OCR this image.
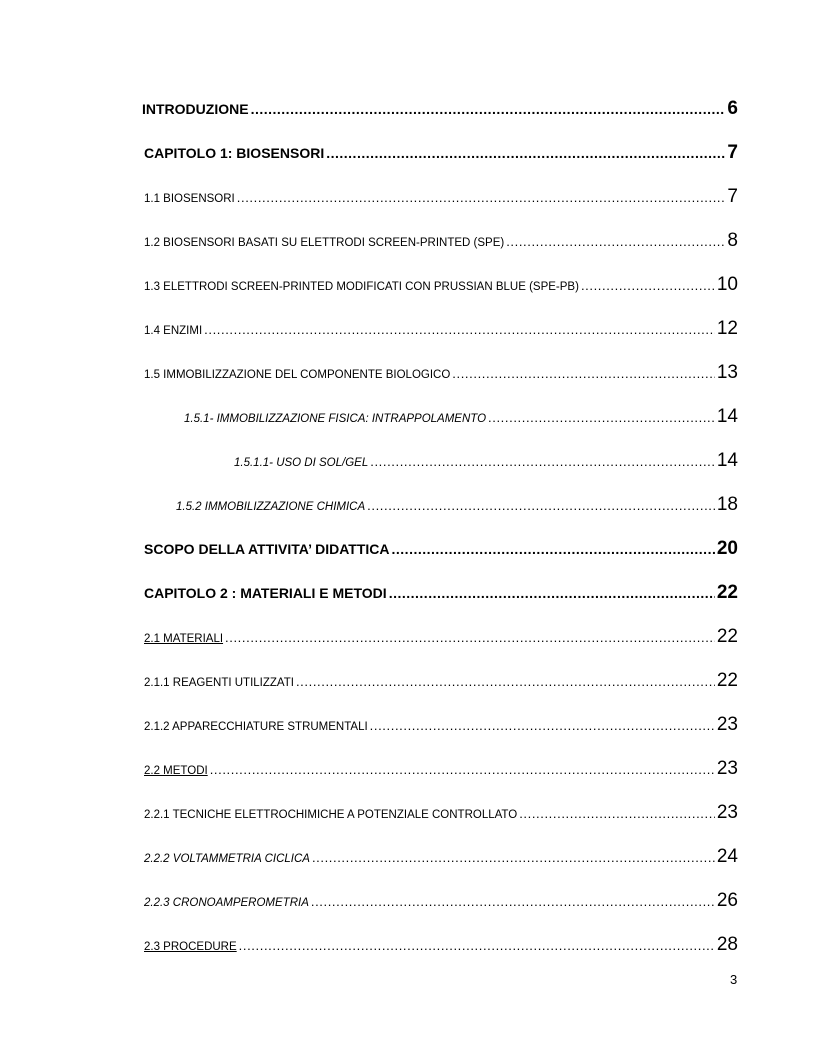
INTRODUZIONE .....	6
CAPITOLO 1: BIOSENSORI .....	7
1.1 BIOSENSORI .....	7
1.2 BIOSENSORI BASATI SU ELETTRODI SCREEN-PRINTED (SPE) .....	8
1.3 ELETTRODI SCREEN-PRINTED MODIFICATI CON PRUSSIAN BLUE (SPE-PB) .....	10
1.4 ENZIMI .....	12
1.5 IMMOBILIZZAZIONE DEL COMPONENTE BIOLOGICO .....	13
1.5.1- IMMOBILIZZAZIONE FISICA: INTRAPPOLAMENTO .....	14
1.5.1.1- USO DI SOL/GEL .....	14
1.5.2 IMMOBILIZZAZIONE CHIMICA .....	18
SCOPO DELLA ATTIVITA’ DIDATTICA .....	20
CAPITOLO 2 : MATERIALI E METODI .....	22
2.1 MATERIALI .....	22
2.1.1 REAGENTI UTILIZZATI .....	22
2.1.2 APPARECCHIATURE STRUMENTALI .....	23
2.2 METODI .....	23
2.2.1 TECNICHE ELETTROCHIMICHE A POTENZIALE CONTROLLATO .....	23
2.2.2 VOLTAMMETRIA CICLICA .....	24
2.2.3 CRONOAMPEROMETRIA .....	26
2.3 PROCEDURE .....	28
3
